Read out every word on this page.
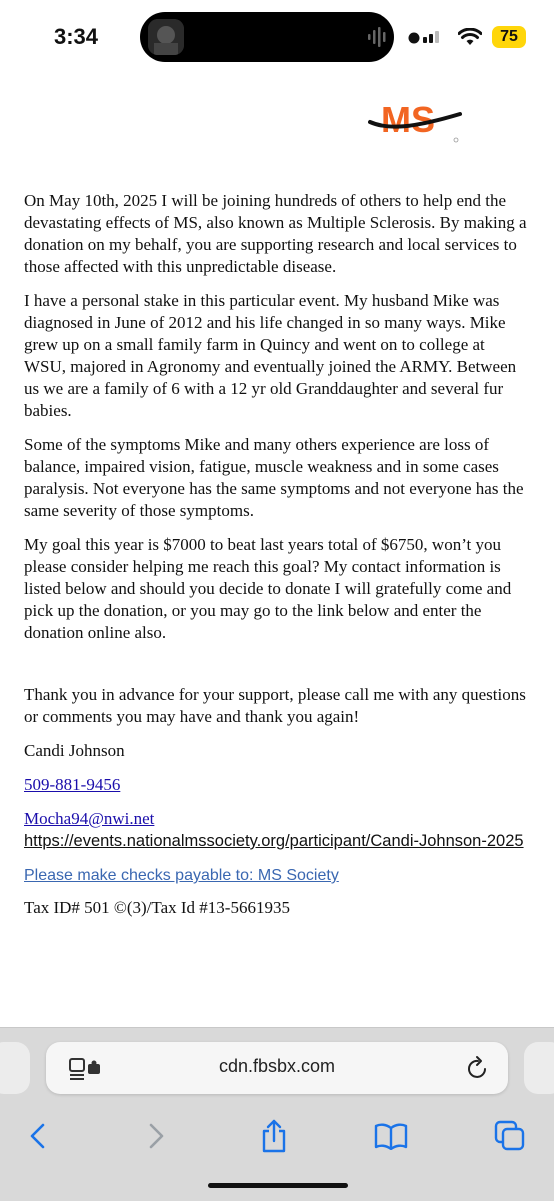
3:34	75
MS

On May 10th, 2025 I will be joining hundreds of others to help end the devastating effects of MS, also known as Multiple Sclerosis. By making a donation on my behalf, you are supporting research and local services to those affected with this unpredictable disease.

I have a personal stake in this particular event. My husband Mike was diagnosed in June of 2012 and his life changed in so many ways. Mike grew up on a small family farm in Quincy and went on to college at WSU, majored in Agronomy and eventually joined the ARMY. Between us we are a family of 6 with a 12 yr old Granddaughter and several fur babies.

Some of the symptoms Mike and many others experience are loss of balance, impaired vision, fatigue, muscle weakness and in some cases paralysis. Not everyone has the same symptoms and not everyone has the same severity of those symptoms.

My goal this year is $7000 to beat last years total of $6750, won’t you please consider helping me reach this goal? My contact information is listed below and should you decide to donate I will gratefully come and pick up the donation, or you may go to the link below and enter the donation online also.

Thank you in advance for your support, please call me with any questions or comments you may have and thank you again!

Candi Johnson

509-881-9456

Mocha94@nwi.net
https://events.nationalmssociety.org/participant/Candi-Johnson-2025

Please make checks payable to: MS Society

Tax ID# 501 ©(3)/Tax Id #13-5661935

cdn.fbsbx.com
